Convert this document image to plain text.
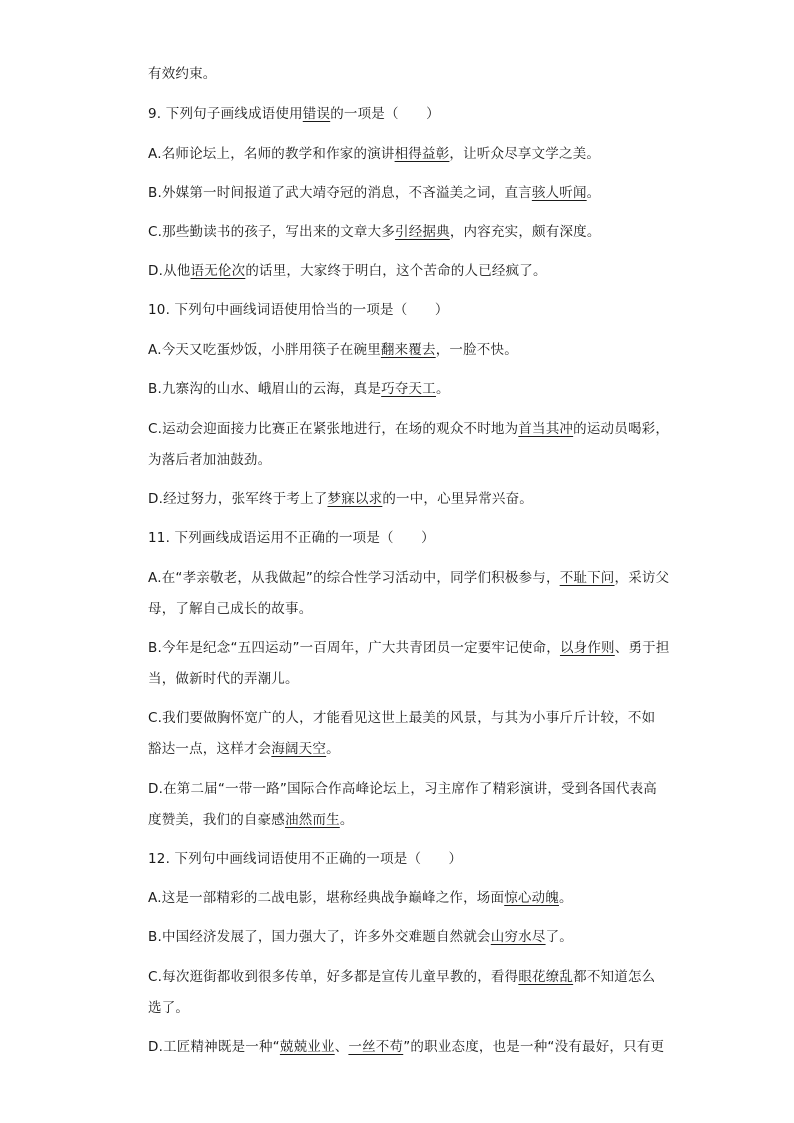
有效约束。
9. 下列句子画线成语使用错误的一项是（　　）
A.名师论坛上，名师的教学和作家的演讲相得益彰，让听众尽享文学之美。
B.外媒第一时间报道了武大靖夺冠的消息，不吝溢美之词，直言骇人听闻。
C.那些勤读书的孩子，写出来的文章大多引经据典，内容充实，颇有深度。
D.从他语无伦次的话里，大家终于明白，这个苦命的人已经疯了。
10. 下列句中画线词语使用恰当的一项是（　　）
A.今天又吃蛋炒饭，小胖用筷子在碗里翻来覆去，一脸不快。
B.九寨沟的山水、峨眉山的云海，真是巧夺天工。
C.运动会迎面接力比赛正在紧张地进行，在场的观众不时地为首当其冲的运动员喝彩，
为落后者加油鼓劲。
D.经过努力，张军终于考上了梦寐以求的一中，心里异常兴奋。
11. 下列画线成语运用不正确的一项是（　　）
A.在“孝亲敬老，从我做起”的综合性学习活动中，同学们积极参与，不耻下问，采访父
母，了解自己成长的故事。
B.今年是纪念“五四运动”一百周年，广大共青团员一定要牢记使命，以身作则、勇于担
当，做新时代的弄潮儿。
C.我们要做胸怀宽广的人，才能看见这世上最美的风景，与其为小事斤斤计较，不如
豁达一点，这样才会海阔天空。
D.在第二届“一带一路”国际合作高峰论坛上，习主席作了精彩演讲，受到各国代表高
度赞美，我们的自豪感油然而生。
12. 下列句中画线词语使用不正确的一项是（　　）
A.这是一部精彩的二战电影，堪称经典战争巅峰之作，场面惊心动魄。
B.中国经济发展了，国力强大了，许多外交难题自然就会山穷水尽了。
C.每次逛街都收到很多传单，好多都是宣传儿童早教的，看得眼花缭乱都不知道怎么
选了。
D.工匠精神既是一种“兢兢业业、一丝不苟”的职业态度，也是一种“没有最好，只有更
